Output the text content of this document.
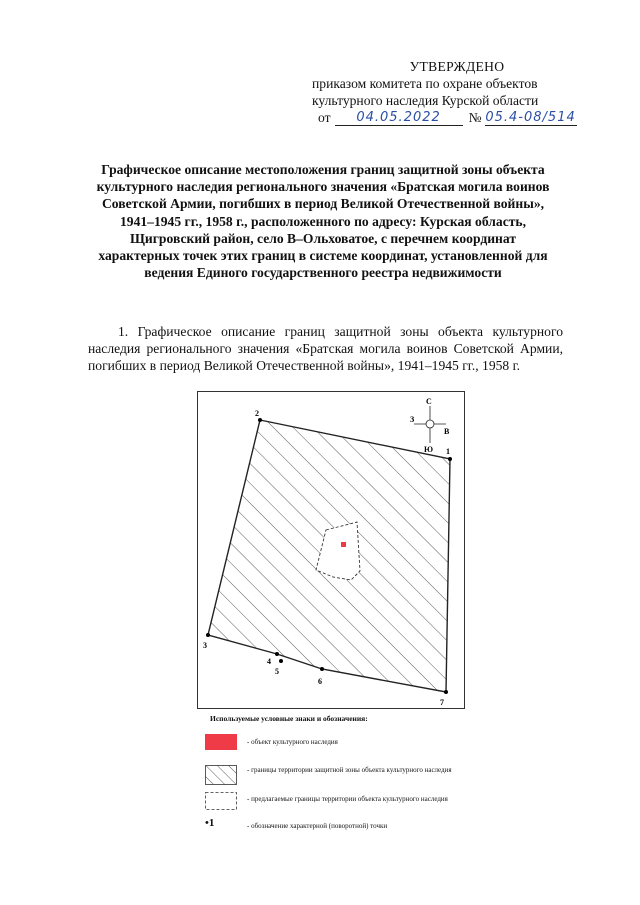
УТВЕРЖДЕНО
приказом комитета по охране объектов
культурного наследия Курской области
от	04.05.2022	№ 05.4-08/514
Графическое описание местоположения границ защитной зоны объекта культурного наследия регионального значения «Братская могила воинов Советской Армии, погибших в период Великой Отечественной войны», 1941–1945 гг., 1958 г., расположенного по адресу: Курская область, Щигровский район, село В–Ольховатое, с перечнем координат характерных точек этих границ в системе координат, установленной для ведения Единого государственного реестра недвижимости
1. Графическое описание границ защитной зоны объекта культурного наследия регионального значения «Братская могила воинов Советской Армии, погибших в период Великой Отечественной войны», 1941–1945 гг., 1958 г.
1
2
3
4
5
6
7
С
Ю
З
В
Используемые условные знаки и обозначения:
- объект культурного наследия
- границы территории защитной зоны объекта культурного наследия
- предлагаемые границы территории объекта культурного наследия
•1	- обозначение характерной (поворотной) точки
